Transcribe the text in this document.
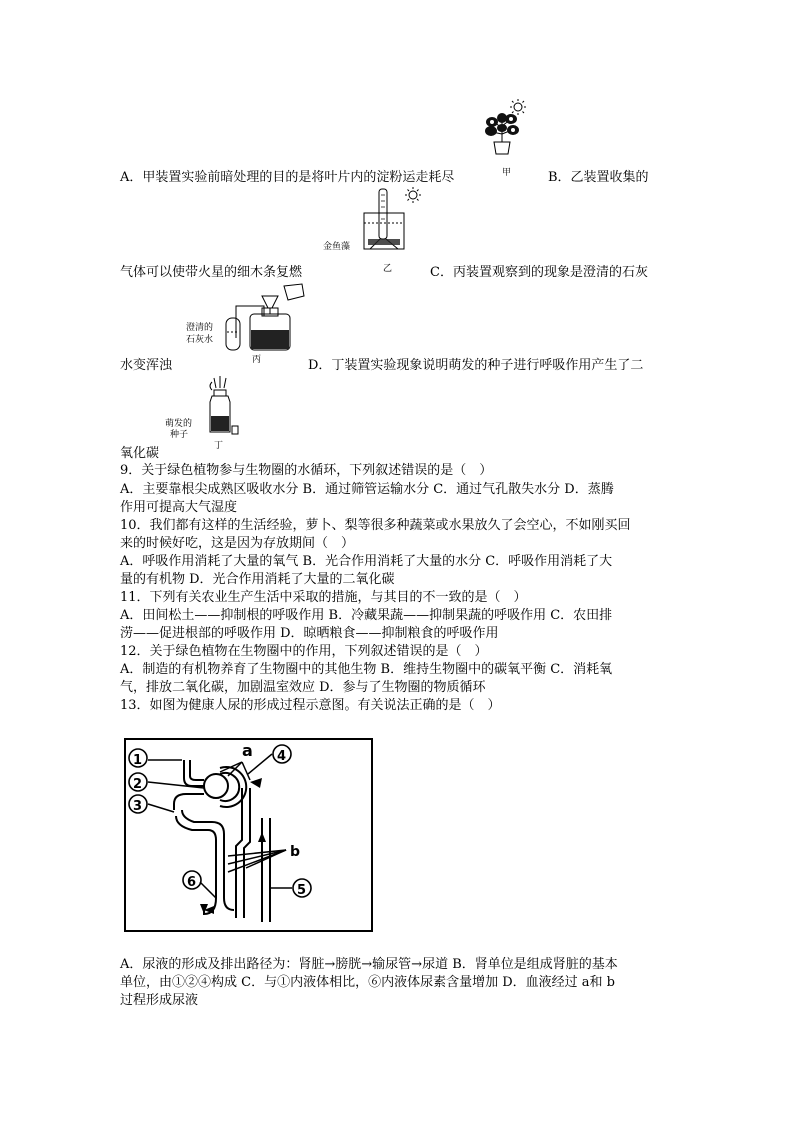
甲
A．甲装置实验前暗处理的目的是将叶片内的淀粉运走耗尽	B．乙装置收集的
金鱼藻
乙
气体可以使带火星的细木条复燃	C．丙装置观察到的现象是澄清的石灰
澄清的
石灰水
丙
水变浑浊	D．丁装置实验现象说明萌发的种子进行呼吸作用产生了二
萌发的
种子
丁
氧化碳
9．关于绿色植物参与生物圈的水循环，下列叙述错误的是（　）
A．主要靠根尖成熟区吸收水分 B．通过筛管运输水分 C．通过气孔散失水分 D．蒸腾
作用可提高大气湿度
10．我们都有这样的生活经验，萝卜、梨等很多种蔬菜或水果放久了会空心，不如刚买回
来的时候好吃，这是因为存放期间（　）
A．呼吸作用消耗了大量的氧气 B．光合作用消耗了大量的水分 C．呼吸作用消耗了大
量的有机物 D．光合作用消耗了大量的二氧化碳
11．下列有关农业生产生活中采取的措施，与其目的不一致的是（　）
A．田间松土——抑制根的呼吸作用 B．冷藏果蔬——抑制果蔬的呼吸作用 C．农田排
涝——促进根部的呼吸作用 D．晾晒粮食——抑制粮食的呼吸作用
12．关于绿色植物在生物圈中的作用，下列叙述错误的是（　）
A．制造的有机物养育了生物圈中的其他生物 B．维持生物圈中的碳氧平衡 C．消耗氧
气，排放二氧化碳，加剧温室效应 D．参与了生物圈的物质循环
13．如图为健康人尿的形成过程示意图。有关说法正确的是（　）
a
b
1
2
3
4
5
6
A．尿液的形成及排出路径为：肾脏→膀胱→输尿管→尿道 B．肾单位是组成肾脏的基本
单位，由①②④构成 C．与①内液体相比，⑥内液体尿素含量增加 D．血液经过 a和 b
过程形成尿液
